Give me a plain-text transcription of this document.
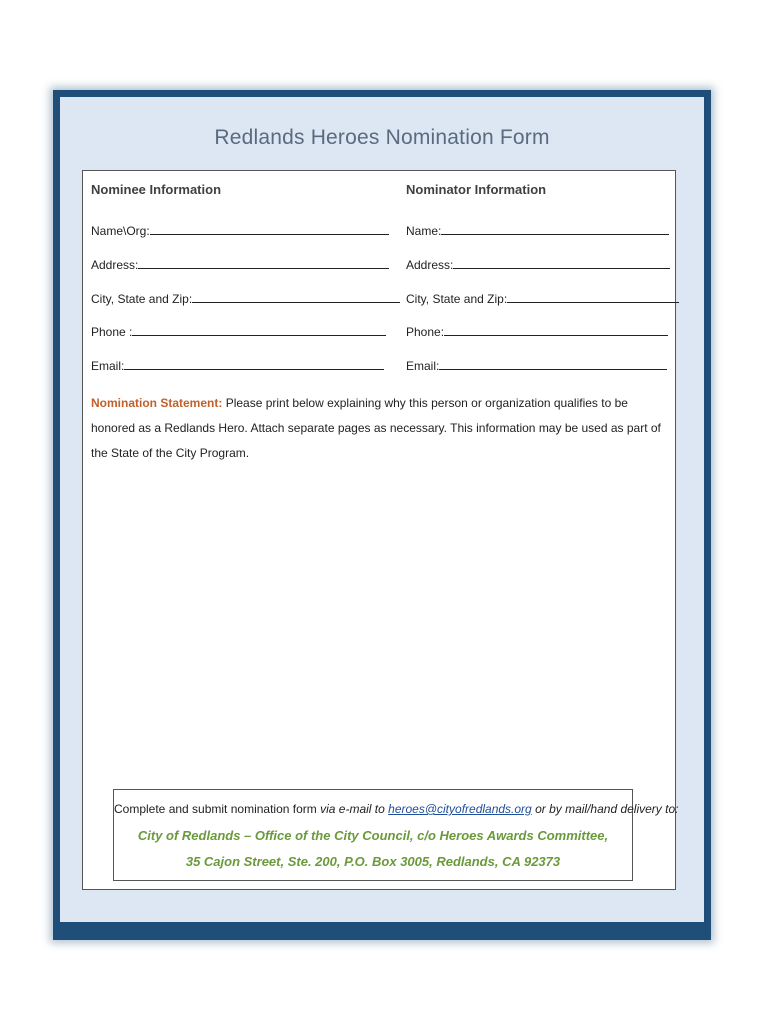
Redlands Heroes Nomination Form
Nominee Information	Nominator Information
Name\Org:
Address:
City, State and Zip:
Phone :
Email:
Name:
Address:
City, State and Zip:
Phone:
Email:
Nomination Statement: Please print below explaining why this person or organization qualifies to be honored as a Redlands Hero. Attach separate pages as necessary. This information may be used as part of the State of the City Program.
Complete and submit nomination form via e-mail to heroes@cityofredlands.org or by mail/hand delivery to:
City of Redlands – Office of the City Council, c/o Heroes Awards Committee,
35 Cajon Street, Ste. 200, P.O. Box 3005, Redlands, CA 92373
